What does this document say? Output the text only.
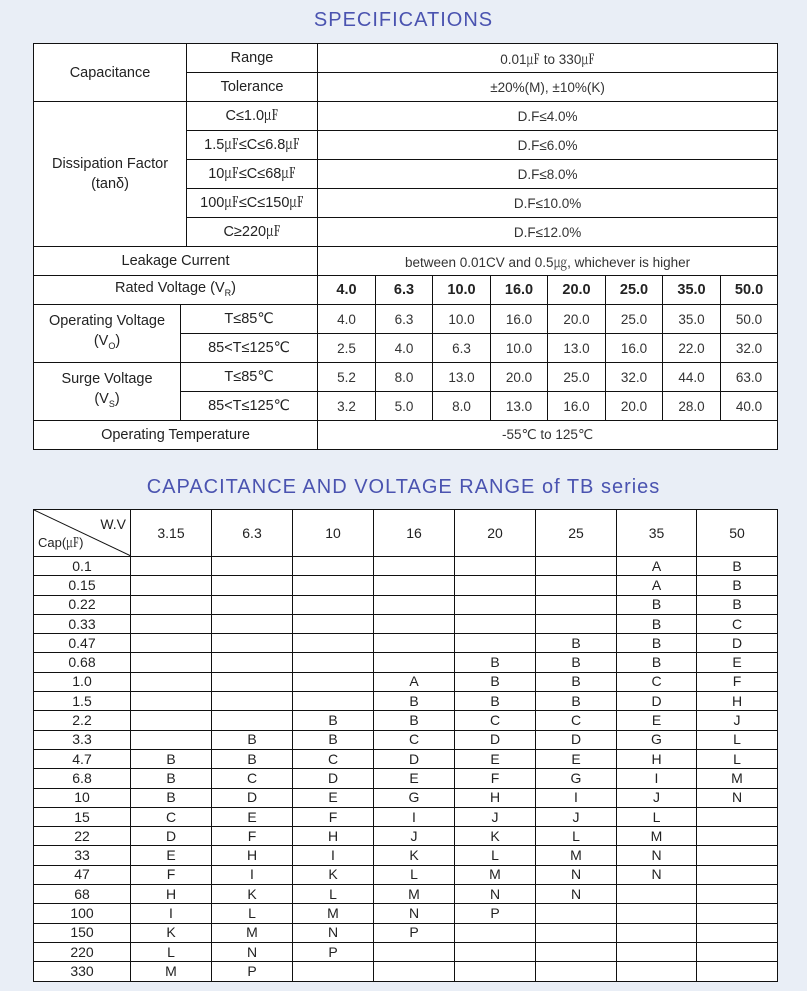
SPECIFICATIONS
Capacitance		Range	0.01㎌ to 330㎌							
		Tolerance	±20%(M), ±10%(K)							

Dissipation Factor
(tanδ)		C≤1.0㎌	D.F≤4.0%							
		1.5㎌≤C≤6.8㎌	D.F≤6.0%							
		10㎌≤C≤68㎌	D.F≤8.0%							
		100㎌≤C≤150㎌	D.F≤10.0%							
		C≥220㎌	D.F≤12.0%							
Leakage Current			between 0.01CV and 0.5㎍, whichever is higher							
Rated Voltage $(V_R)$			4.0	6.3	10.0	16.0	20.0	25.0	35.0	50.0

Operating Voltage
$(V_O)$	T≤85℃		4.0	6.3	10.0	16.0	20.0	25.0	35.0	50.0
	85<T≤125℃		2.5	4.0	6.3	10.0	13.0	16.0	22.0	32.0

Surge Voltage
$(V_S)$	T≤85℃		5.2	8.0	13.0	20.0	25.0	32.0	44.0	63.0
	85<T≤125℃		3.2	5.0	8.0	13.0	16.0	20.0	28.0	40.0
Operating Temperature			-55℃ to 125℃							
CAPACITANCE AND VOLTAGE RANGE of TB series
W.V
Cap(㎌)	3.15	6.3	10	16	20	25	35	50
0.1							A	B
0.15							A	B
0.22							B	B
0.33							B	C
0.47						B	B	D
0.68					B	B	B	E
1.0				A	B	B	C	F
1.5				B	B	B	D	H
2.2			B	B	C	C	E	J
3.3		B	B	C	D	D	G	L
4.7	B	B	C	D	E	E	H	L
6.8	B	C	D	E	F	G	I	M
10	B	D	E	G	H	I	J	N
15	C	E	F	I	J	J	L	
22	D	F	H	J	K	L	M	
33	E	H	I	K	L	M	N	
47	F	I	K	L	M	N	N	
68	H	K	L	M	N	N		
100	I	L	M	N	P			
150	K	M	N	P				
220	L	N	P					
330	M	P						
